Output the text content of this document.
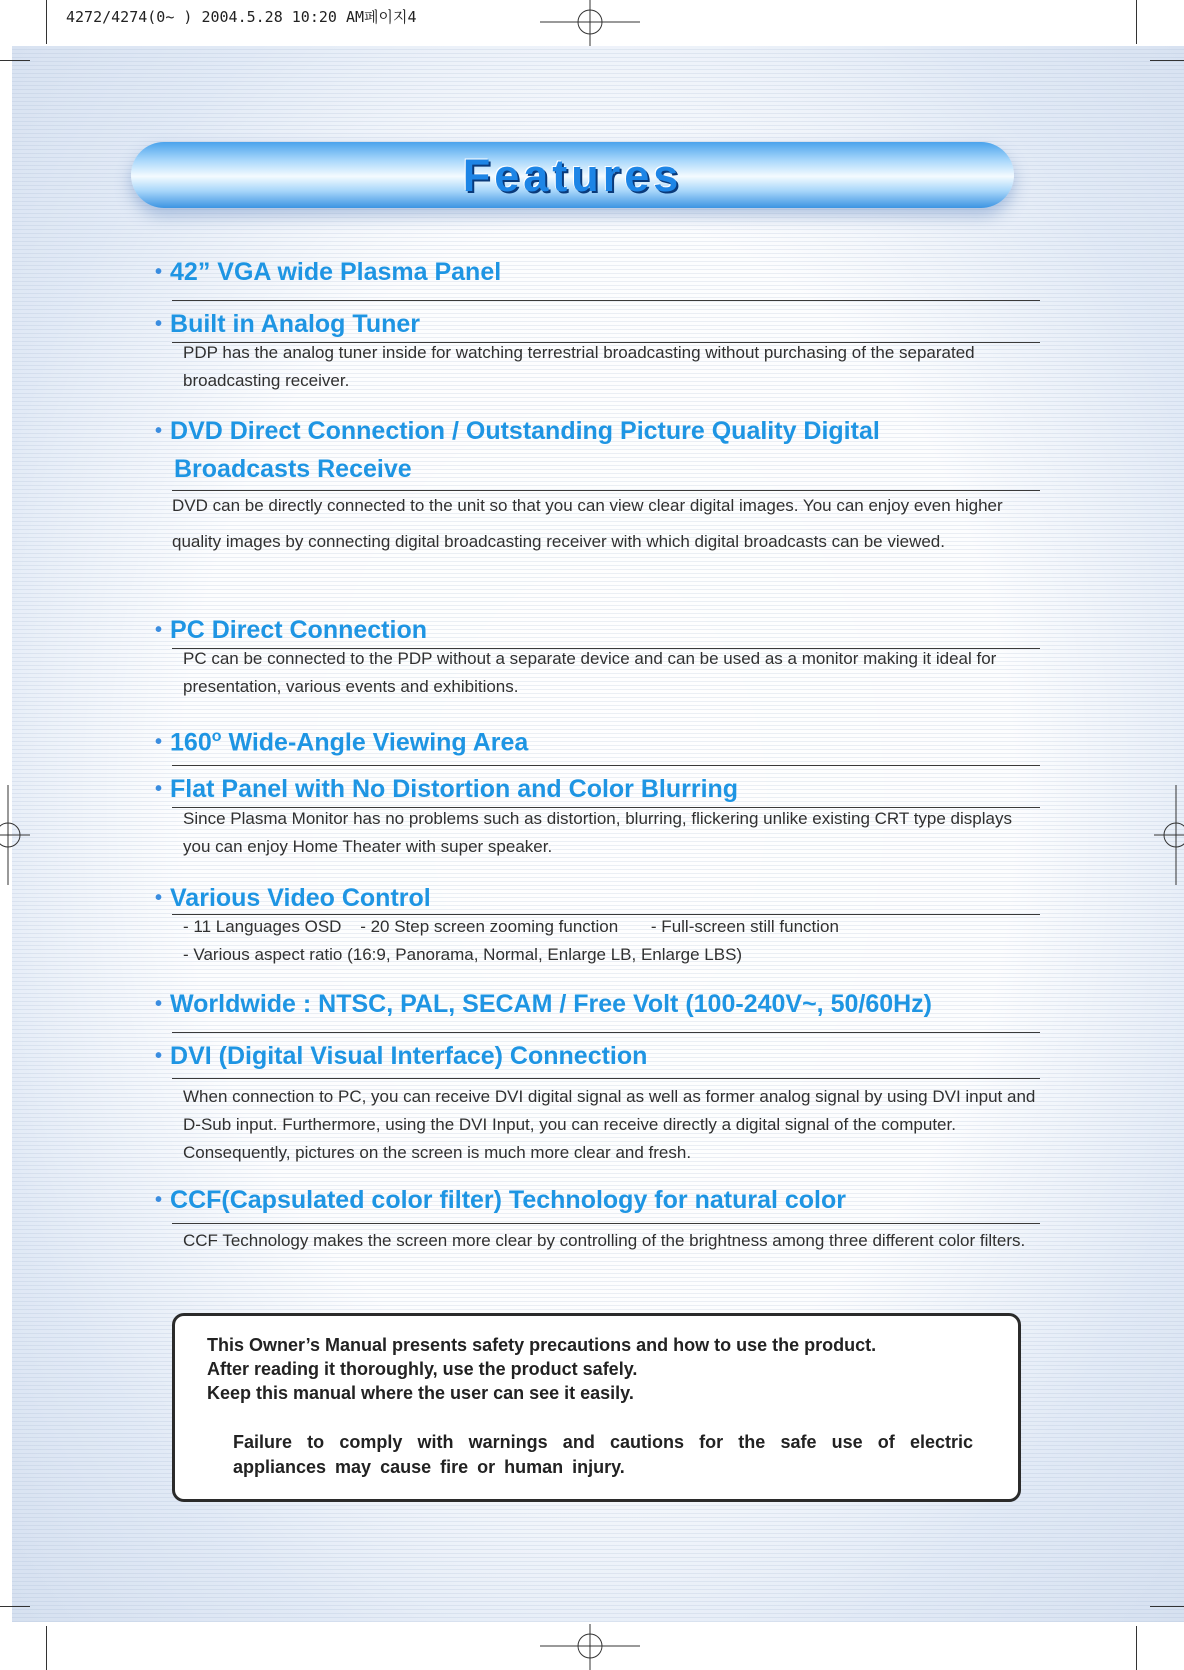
4272/4274(0~ ) 2004.5.28 10:20 AM페이지4
Features
• 42” VGA wide Plasma Panel
• Built in Analog Tuner
PDP has the analog tuner inside for watching terrestrial broadcasting without purchasing of the separated broadcasting receiver.
• DVD Direct Connection / Outstanding Picture Quality Digital
Broadcasts Receive
DVD can be directly connected to the unit so that you can view clear digital images. You can enjoy even higher quality images by connecting digital broadcasting receiver with which digital broadcasts can be viewed.
• PC Direct Connection
PC can be connected to the PDP without a separate device and can be used as a monitor making it ideal for presentation, various events and exhibitions.
• 160$^o$ Wide-Angle Viewing Area
• Flat Panel with No Distortion and Color Blurring
Since Plasma Monitor has no problems such as distortion, blurring, flickering unlike existing CRT type displays you can enjoy Home Theater with super speaker.
• Various Video Control
- 11 Languages OSD - 20 Step screen zooming function - Full-screen still function
- Various aspect ratio (16:9, Panorama, Normal, Enlarge LB, Enlarge LBS)
• Worldwide : NTSC, PAL, SECAM / Free Volt (100-240V~, 50/60Hz)
• DVI (Digital Visual Interface) Connection
When connection to PC, you can receive DVI digital signal as well as former analog signal by using DVI input and D-Sub input. Furthermore, using the DVI Input, you can receive directly a digital signal of the computer. Consequently, pictures on the screen is much more clear and fresh.
• CCF(Capsulated color filter) Technology for natural color
CCF Technology makes the screen more clear by controlling of the brightness among three different color filters.
This Owner’s Manual presents safety precautions and how to use the product.
After reading it thoroughly, use the product safely.
Keep this manual where the user can see it easily.
Failure to comply with warnings and cautions for the safe use of electric appliances may cause fire or human injury.
